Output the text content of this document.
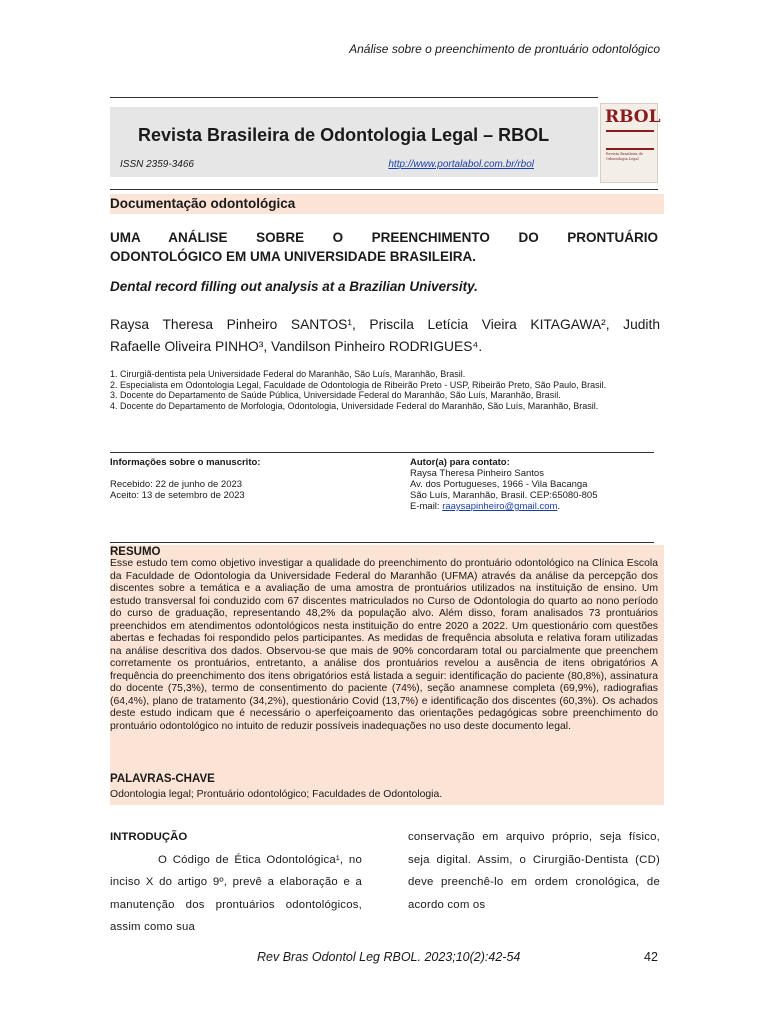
Análise sobre o preenchimento de prontuário odontológico
Revista Brasileira de Odontologia Legal – RBOL
ISSN 2359-3466	http://www.portalabol.com.br/rbol
RBOL
Revista Brasileira de Odontologia Legal
Documentação odontológica
UMA ANÁLISE SOBRE O PREENCHIMENTO DO PRONTUÁRIO
ODONTOLÓGICO EM UMA UNIVERSIDADE BRASILEIRA.
Dental record filling out analysis at a Brazilian University.
Raysa Theresa Pinheiro SANTOS¹, Priscila Letícia Vieira KITAGAWA², Judith
Rafaelle Oliveira PINHO³, Vandilson Pinheiro RODRIGUES⁴.
1. Cirurgiã-dentista pela Universidade Federal do Maranhão, São Luís, Maranhão, Brasil.
2. Especialista em Odontologia Legal, Faculdade de Odontologia de Ribeirão Preto - USP, Ribeirão Preto, São Paulo, Brasil.
3. Docente do Departamento de Saúde Pública, Universidade Federal do Maranhão, São Luís, Maranhão, Brasil.
4. Docente do Departamento de Morfologia, Odontologia, Universidade Federal do Maranhão, São Luís, Maranhão, Brasil.
Informações sobre o manuscrito:
Recebido: 22 de junho de 2023
Aceito: 13 de setembro de 2023
Autor(a) para contato:
Raysa Theresa Pinheiro Santos
Av. dos Portugueses, 1966 - Vila Bacanga
São Luís, Maranhão, Brasil. CEP:65080-805
E-mail: raaysapinheiro@gmail.com.
RESUMO
Esse estudo tem como objetivo investigar a qualidade do preenchimento do prontuário odontológico na Clínica Escola da Faculdade de Odontologia da Universidade Federal do Maranhão (UFMA) através da análise da percepção dos discentes sobre a temática e a avaliação de uma amostra de prontuários utilizados na instituição de ensino. Um estudo transversal foi conduzido com 67 discentes matriculados no Curso de Odontologia do quarto ao nono período do curso de graduação, representando 48,2% da população alvo. Além disso, foram analisados 73 prontuários preenchidos em atendimentos odontológicos nesta instituição do entre 2020 a 2022. Um questionário com questões abertas e fechadas foi respondido pelos participantes. As medidas de frequência absoluta e relativa foram utilizadas na análise descritiva dos dados. Observou-se que mais de 90% concordaram total ou parcialmente que preenchem corretamente os prontuários, entretanto, a análise dos prontuários revelou a ausência de itens obrigatórios A frequência do preenchimento dos itens obrigatórios está listada a seguir: identificação do paciente (80,8%), assinatura do docente (75,3%), termo de consentimento do paciente (74%), seção anamnese completa (69,9%), radiografias (64,4%), plano de tratamento (34,2%), questionário Covid (13,7%) e identificação dos discentes (60,3%). Os achados deste estudo indicam que é necessário o aperfeiçoamento das orientações pedagógicas sobre preenchimento do prontuário odontológico no intuito de reduzir possíveis inadequações no uso deste documento legal.
PALAVRAS-CHAVE
Odontologia legal; Prontuário odontológico; Faculdades de Odontologia.
INTRODUÇÃO
O Código de Ética Odontológica¹, no inciso X do artigo 9º, prevê a elaboração e a manutenção dos prontuários odontológicos, assim como sua
conservação em arquivo próprio, seja físico, seja digital. Assim, o Cirurgião-Dentista (CD) deve preenchê-lo em ordem cronológica, de acordo com os
Rev Bras Odontol Leg RBOL. 2023;10(2):42-54	42
